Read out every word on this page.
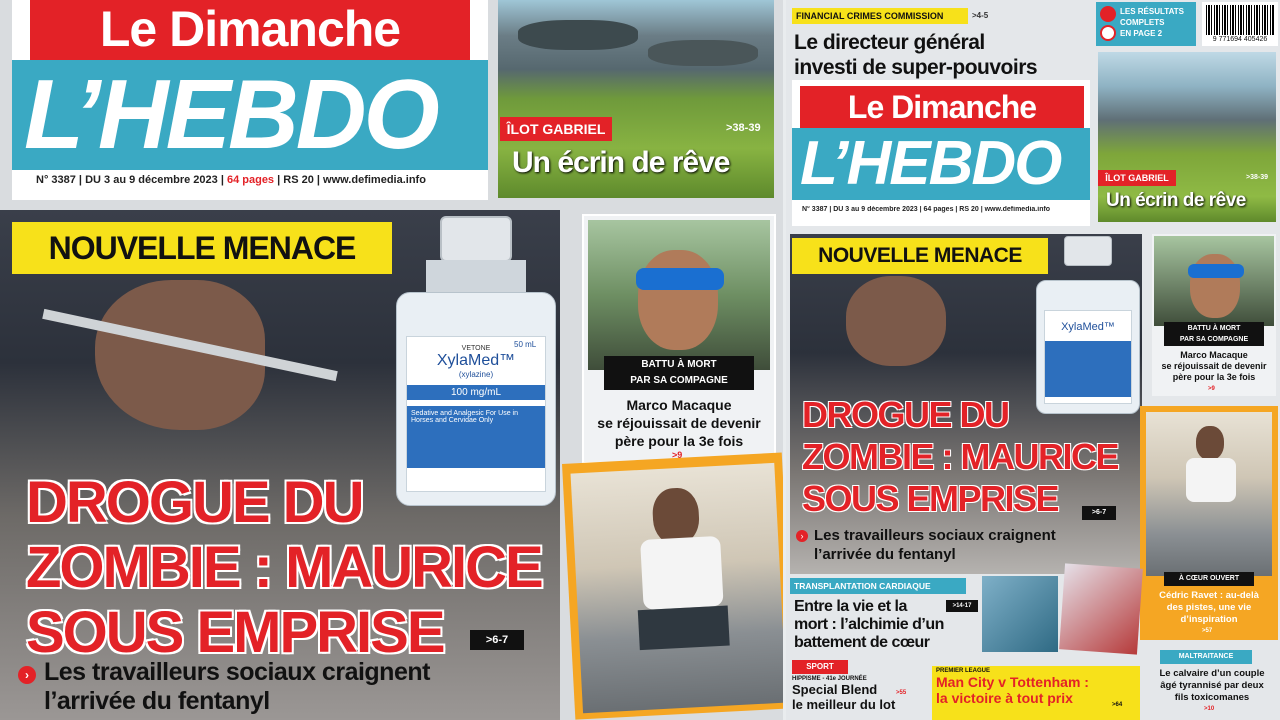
Le Dimanche
L’HEBDO
N° 3387 | DU 3 au 9 décembre 2023 | 64 pages | RS 20 | www.defimedia.info
ÎLOT GABRIEL	>38-39
Un écrin de rêve
NOUVELLE MENACE
VETONE
XylaMed™
(xylazine)
100 mg/mL
Sedative and Analgesic For Use in Horses and Cervidae Only
50 mL
DROGUE DU
ZOMBIE : MAURICE
SOUS EMPRISE	>6-7
› Les travailleurs sociaux craignent
l’arrivée du fentanyl
BATTU À MORT
PAR SA COMPAGNE
Marco Macaque
se réjouissait de devenir
père pour la 3e fois
>9
FINANCIAL CRIMES COMMISSION	>4-5
Le directeur général
investi de super-pouvoirs
LES RÉSULTATS
COMPLETS
EN PAGE 2
9 771694 405426
Le Dimanche
L’HEBDO
N° 3387 | DU 3 au 9 décembre 2023 | 64 pages | RS 20 | www.defimedia.info
ÎLOT GABRIEL	>38-39
Un écrin de rêve
NOUVELLE MENACE
XylaMed™
DROGUE DU
ZOMBIE : MAURICE
SOUS EMPRISE	>6-7
› Les travailleurs sociaux craignent
l’arrivée du fentanyl
BATTU À MORT
PAR SA COMPAGNE
Marco Macaque
se réjouissait de devenir
père pour la 3e fois
>9
À CŒUR OUVERT
Cédric Ravet : au-delà
des pistes, une vie
d’inspiration
>57
TRANSPLANTATION CARDIAQUE
Entre la vie et la
mort : l’alchimie d’un
battement de cœur
>14-17
SPORT
HIPPISME - 41e JOURNÉE
Special Blend
le meilleur du lot
>55
PREMIER LEAGUE
Man City v Tottenham :
la victoire à tout prix	>64
MALTRAITANCE
Le calvaire d’un couple
âgé tyrannisé par deux
fils toxicomanes
>10
